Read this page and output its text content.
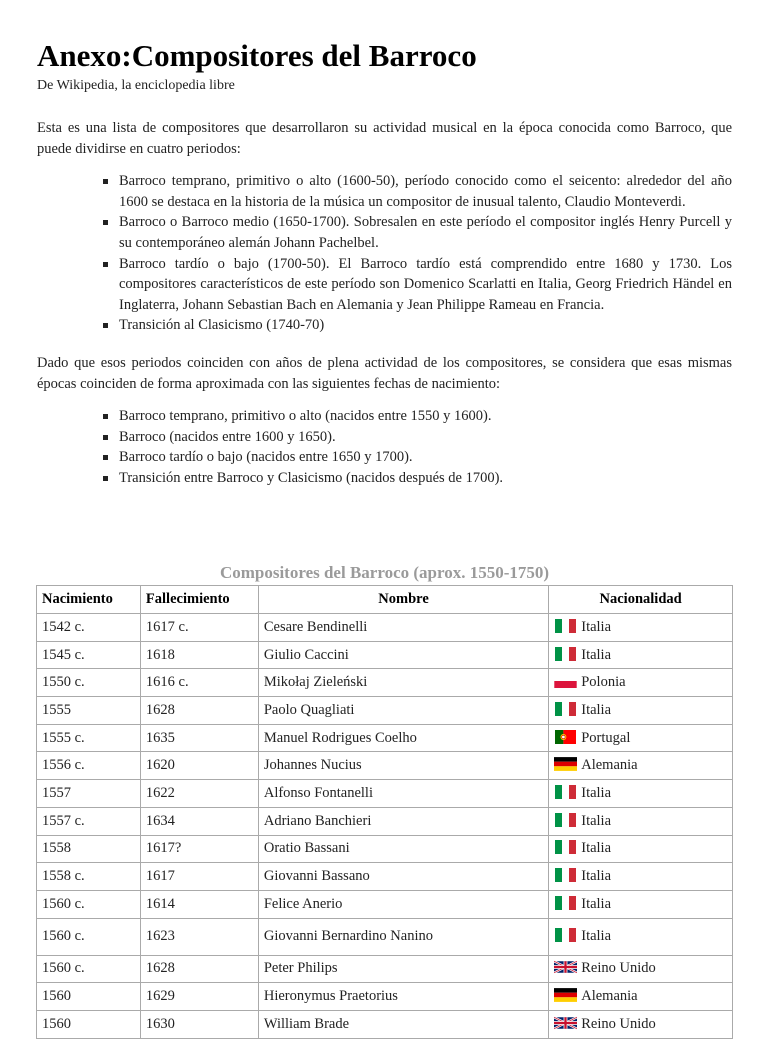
Anexo:Compositores del Barroco
De Wikipedia, la enciclopedia libre

Esta es una lista de compositores que desarrollaron su actividad musical en la época conocida como Barroco, que puede dividirse en cuatro periodos:

Barroco temprano, primitivo o alto (1600-50), período conocido como el seicento: alrededor del año 1600 se destaca en la historia de la música un compositor de inusual talento, Claudio Monteverdi.
Barroco o Barroco medio (1650-1700). Sobresalen en este período el compositor inglés Henry Purcell y su contemporáneo alemán Johann Pachelbel.
Barroco tardío o bajo (1700-50). El Barroco tardío está comprendido entre 1680 y 1730. Los compositores característicos de este período son Domenico Scarlatti en Italia, Georg Friedrich Händel en Inglaterra, Johann Sebastian Bach en Alemania y Jean Philippe Rameau en Francia.
Transición al Clasicismo (1740-70)

Dado que esos periodos coinciden con años de plena actividad de los compositores, se considera que esas mismas épocas coinciden de forma aproximada con las siguientes fechas de nacimiento:

Barroco temprano, primitivo o alto (nacidos entre 1550 y 1600).
Barroco (nacidos entre 1600 y 1650).
Barroco tardío o bajo (nacidos entre 1650 y 1700).
Transición entre Barroco y Clasicismo (nacidos después de 1700).
Compositores del Barroco (aprox. 1550-1750)
Nacimiento	Fallecimiento	Nombre	Nacionalidad
1542 c.	1617 c.	Cesare Bendinelli	Italia
1545 c.	1618	Giulio Caccini	Italia
1550 c.	1616 c.	Mikołaj Zieleński	Polonia
1555	1628	Paolo Quagliati	Italia
1555 c.	1635	Manuel Rodrigues Coelho	Portugal
1556 c.	1620	Johannes Nucius	Alemania
1557	1622	Alfonso Fontanelli	Italia
1557 c.	1634	Adriano Banchieri	Italia
1558	1617?	Oratio Bassani	Italia
1558 c.	1617	Giovanni Bassano	Italia
1560 c.	1614	Felice Anerio	Italia
1560 c.	1623	Giovanni Bernardino Nanino	Italia
1560 c.	1628	Peter Philips	Reino Unido
1560	1629	Hieronymus Praetorius	Alemania
1560	1630	William Brade	Reino Unido
